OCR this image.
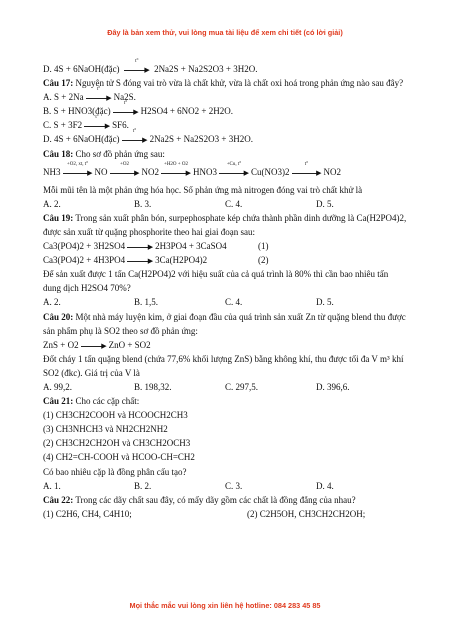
Đây là bản xem thử, vui lòng mua tài liệu để xem chi tiết (có lời giải)
D. 4S + 6NaOH(đặc)
t°
▶ 2Na2S + Na2S2O3 + 3H2O.
Câu 17: Nguyên tử S đóng vai trò vừa là chất khử, vừa là chất oxi hoá trong phản ứng nào sau đây?
A. S + 2Na
t°
▶ Na2S.
B. S + HNO3(đặc)
t°
▶ H2SO4 + 6NO2 + 2H2O.
C. S + 3F2
t°
▶ SF6.
D. 4S + 6NaOH(đặc)
t°
▶ 2Na2S + Na2S2O3 + 3H2O.
Câu 18: Cho sơ đồ phản ứng sau:
NH3
+O2, xt, t°
▶ NO
+O2
▶ NO2
+H2O + O2
▶ HNO3
+Cu, t°
▶ Cu(NO3)2
t°
▶ NO2
Mỗi mũi tên là một phản ứng hóa học. Số phản ứng mà nitrogen đóng vai trò chất khử là
A. 2.	B. 3.	C. 4.	D. 5.
Câu 19: Trong sản xuất phân bón, surpephosphate kép chứa thành phần dinh dưỡng là Ca(H2PO4)2, được sản xuất từ quặng phosphorite theo hai giai đoạn sau:
Ca3(PO4)2 + 3H2SO4	▶ 2H3PO4 + 3CaSO4	(1)
Ca3(PO4)2 + 4H3PO4	▶ 3Ca(H2PO4)2	(2)
Để sản xuất được 1 tấn Ca(H2PO4)2 với hiệu suất của cả quá trình là 80% thì cần bao nhiêu tấn dung dịch H2SO4 70%?
A. 2.	B. 1,5.	C. 4.	D. 5.
Câu 20: Một nhà máy luyện kim, ở giai đoạn đầu của quá trình sản xuất Zn từ quặng blend thu được sản phẩm phụ là SO2 theo sơ đồ phản ứng:
ZnS + O2	▶ ZnO + SO2
Đốt cháy 1 tấn quặng blend (chứa 77,6% khối lượng ZnS) bằng không khí, thu được tối đa V m³ khí SO2 (đkc). Giá trị của V là
A. 99,2.	B. 198,32.	C. 297,5.	D. 396,6.
Câu 21: Cho các cặp chất:
(1) CH3CH2COOH và HCOOCH2CH3
(3) CH3NHCH3 và NH2CH2NH2
(2) CH3CH2CH2OH và CH3CH2OCH3
(4) CH2=CH-COOH và HCOO-CH=CH2
Có bao nhiêu cặp là đồng phân cấu tạo?
A. 1.	B. 2.	C. 3.	D. 4.
Câu 22: Trong các dãy chất sau đây, có mấy dãy gồm các chất là đồng đẳng của nhau?
(1) C2H6, CH4, C4H10;	(2) C2H5OH, CH3CH2CH2OH;
Mọi thắc mắc vui lòng xin liên hệ hotline: 084 283 45 85
